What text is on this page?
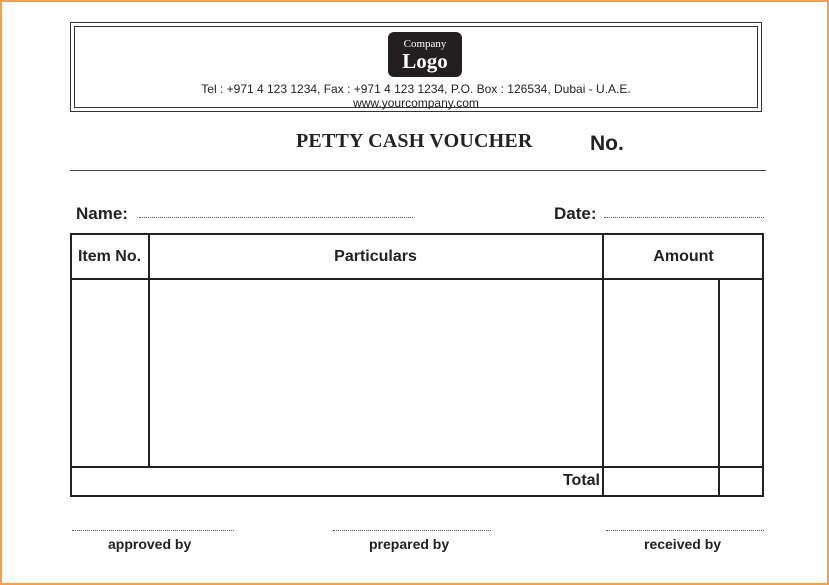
Company
Logo
Tel : +971 4 123 1234, Fax : +971 4 123 1234, P.O. Box : 126534, Dubai - U.A.E.
www.yourcompany.com
PETTY CASH VOUCHER	No.
Name:	Date:
Item No.	Particulars	Amount
Total
approved by	prepared by	received by
